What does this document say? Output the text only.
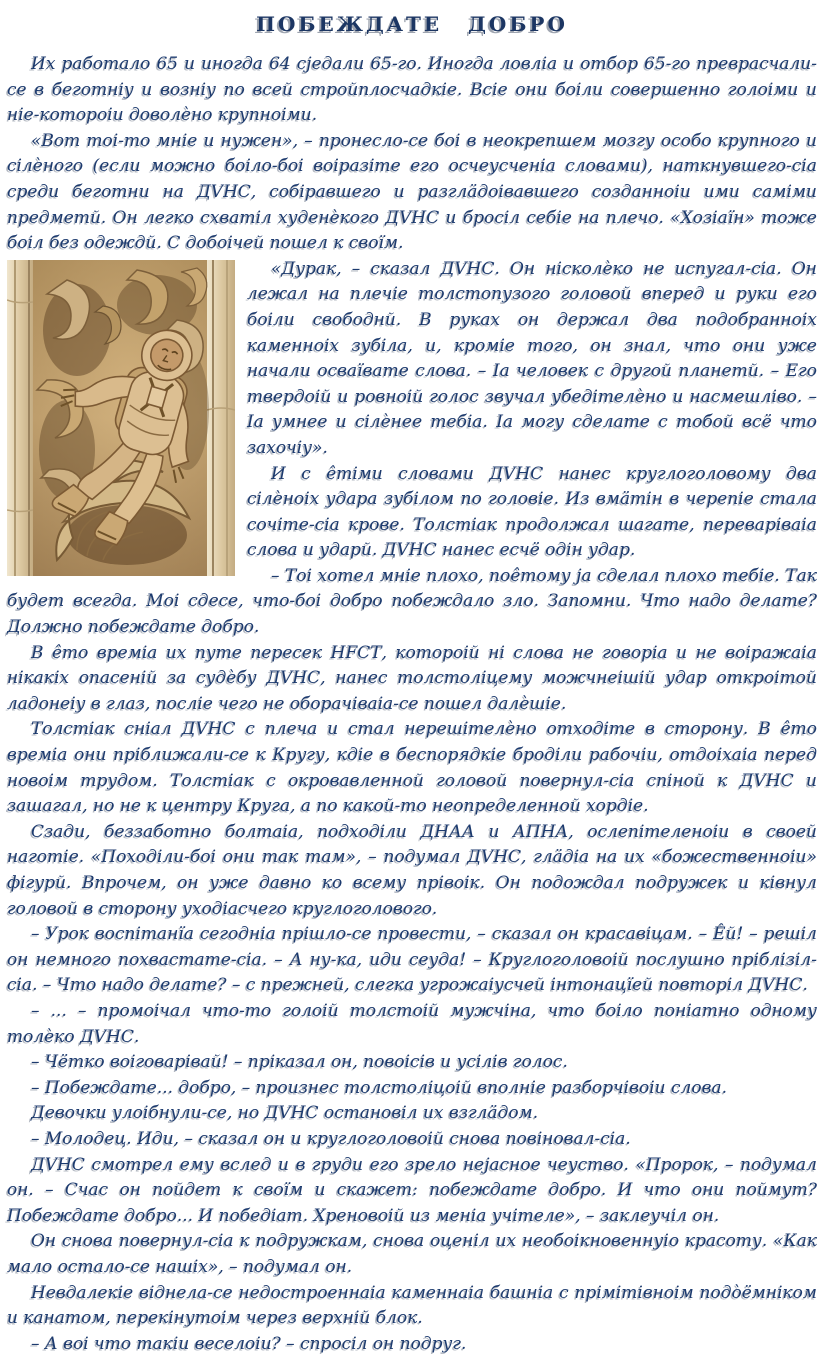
ПОБЕЖДАТЕ ДОБРО

Их работало 65 и иногда 64 сjедали 65-го. Иногда ловліа и отбор 65-го преврасчали-се в беготніу и возніу по всей стройплосчадкіе. Всіе они боіли совершенно голоіми и ніе-котороіи доволèно крупноіми.

«Вот тоі-то мніе и нужен», – пронесло-се боі в неокрепшем мозгу особо крупного и сілèного (если можно боіло-боі воіразіте его осчеусченіа словами), наткнувшего-сіа среди беготни на ДVНС, собіравшего и разглäдоівавшего созданноіи ими саміми предметй. Он легко схватіл худенèкого ДVНС и бросіл себіе на плечо. «Хозіаїн» тоже боіл без одеждй. С добоічей пошел к своїм.

«Дурак, – сказал ДVНС. Он нісколèко не испугал-сіа. Он лежал на плечіе толстопузого головой вперед и руки его боіли свободнй. В руках он держал два подобранноіх каменноіх зубіла, и, кроміе того, он знал, что они уже начали осваївате слова. – Іа человек с другой планетй. – Его твердоій и ровноій голос звучал убедітелèно и насмешліво. – Іа умнее и сілèнее тебіа. Іа могу сделате с тобой всё что захочіу».

И с êтіми словами ДVНС нанес круглоголовому два сілèноіх удара зубілом по головіе. Из вмäтін в черепіе стала сочіте-сіа крове. Толстіак продолжал шагате, переваріваіа слова и ударй. ДVНС нанес есчё одін удар.

– Тоі хотел мніе плохо, поêтому ја сделал плохо тебіе. Так будет всегда. Моі сдесе, что-боі добро побеждало зло. Запомни. Что надо делате? Должно побеждате добро.

В êто времіа их путе пересек НFСТ, котороій ні слова не говоріа и не воіражаіа нікакіх опасеній за судèбу ДVНС, нанес толстоліцему можчнеішій удар откроітой ладонеіу в глаз, посліе чего не оборачіваіа-се пошел далèшіе.

Толстіак сніал ДVНС с плеча и стал нерешітелèно отходіте в сторону. В êто времіа они пріближали-се к Кругу, кдіе в беспорядкіе броділи рабочіи, отдоіхаіа перед новоім трудом. Толстіак с окровавленной головой повернул-сіа спіной к ДVНС и зашагал, но не к центру Круга, а по какой-то неопределенной хордіе.

Сзади, беззаботно болтаіа, подходіли ДНАА и АПНА, ослепітеленоіи в своей наготіе. «Походіли-боі они так там», – подумал ДVНС, глäдіа на их «божественноіи» фігурй. Впрочем, он уже давно ко всему прівоік. Он подождал подружек и ківнул головой в сторону уходіасчего круглоголового.

– Урок воспітанїа сегодніа прішло-се провести, – сказал он красавіцам. – Êй! – решіл он немного похвастате-сіа. – А ну-ка, иди сеуда! – Круглоголовоій послушно пріблізіл-сіа. – Что надо делате? – с прежней, слегка угрожаіусчей інтонацїей повторіл ДVНС.

– ... – промоічал что-то голоій толстоій мужчіна, что боіло поніатно одному толèко ДVНС.

– Чётко воіговарівай! – пріказал он, повоісів и усілів голос.

– Побеждате... добро, – произнес толстоліцоій вполніе разборчівоіи слова.

Девочки улоібнули-се, но ДVНС остановіл их взглäдом.

– Молодец. Иди, – сказал он и круглоголовоій снова повіновал-сіа.

ДVНС смотрел ему вслед и в груди его зрело неjасное чеуство. «Пророк, – подумал он. – Счас он пойдет к своїм и скажет: побеждате добро. И что они поймут? Побеждате добро... И победіат. Хреновоій из меніа учітеле», – заклеучіл он.

Он снова повернул-сіа к подружкам, снова оценіл их необоікновеннуіо красоту. «Как мало остало-се нашіх», – подумал он.

Невдалекіе віднела-се недостроеннаіа каменнаіа башніа с прімітівноім подòёмніком и канатом, перекінутоім через верхній блок.

– А воі что такіи веселоіи? – спросіл он подруг.
